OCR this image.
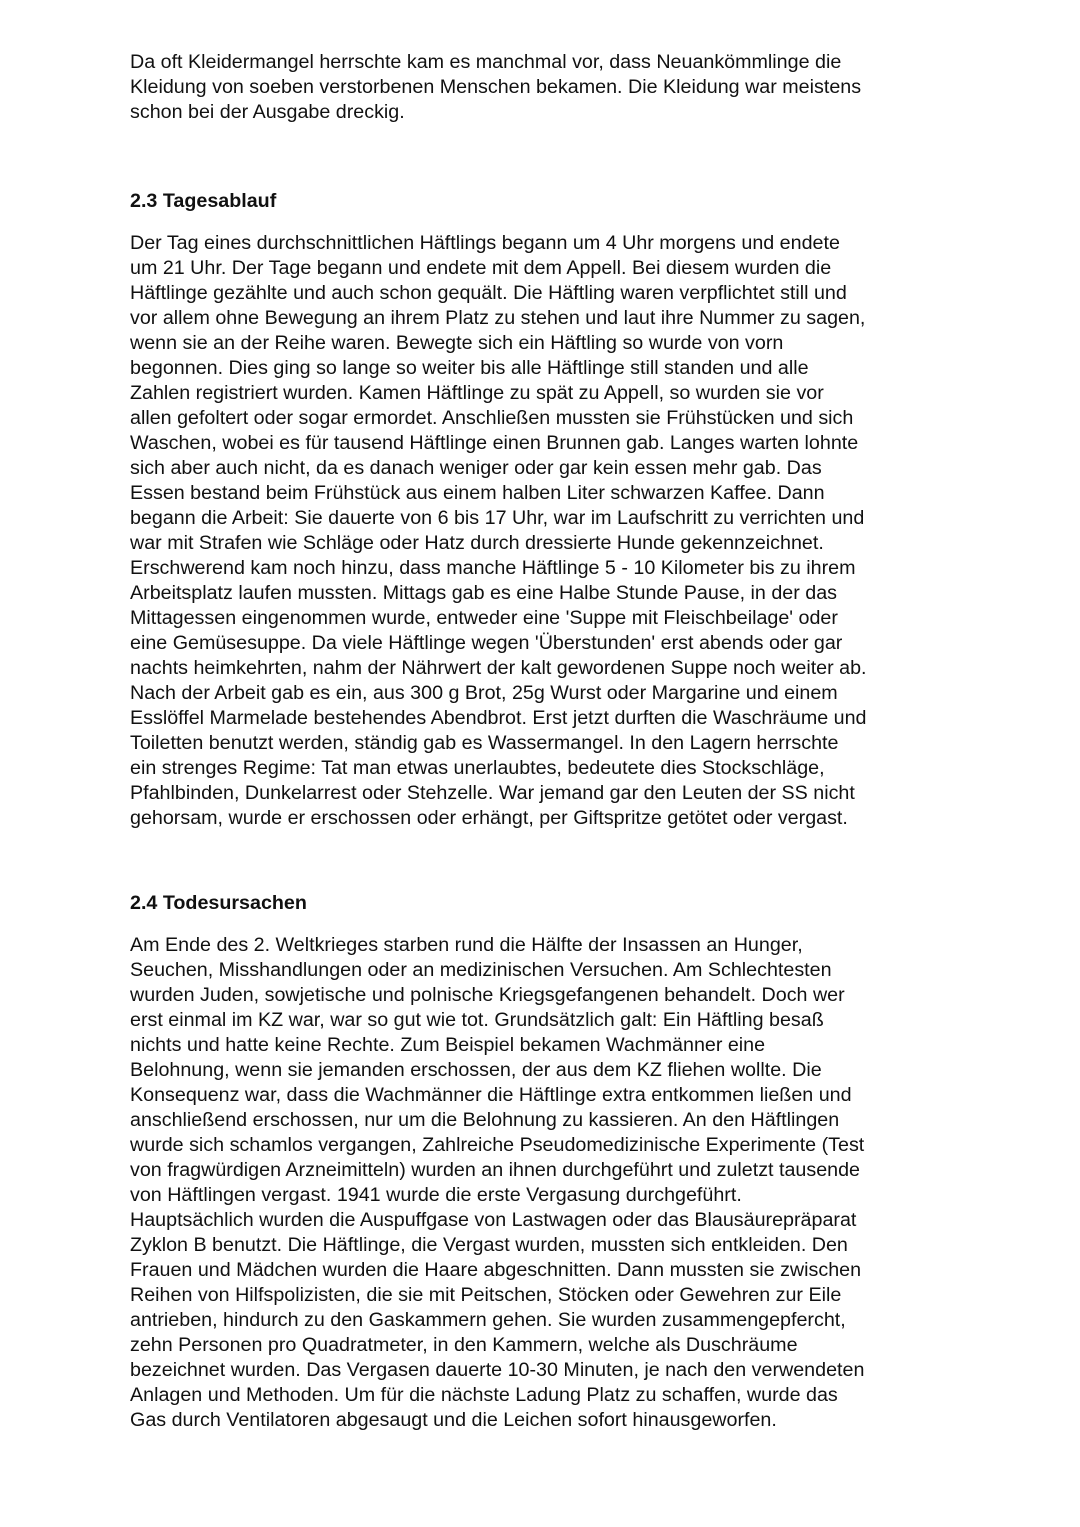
Da oft Kleidermangel herrschte kam es manchmal vor, dass Neuankömmlinge die
Kleidung von soeben verstorbenen Menschen bekamen. Die Kleidung war meistens
schon bei der Ausgabe dreckig.

2.3 Tagesablauf

Der Tag eines durchschnittlichen Häftlings begann um 4 Uhr morgens und endete
um 21 Uhr. Der Tage begann und endete mit dem Appell. Bei diesem wurden die
Häftlinge gezählte und auch schon gequält. Die Häftling waren verpflichtet still und
vor allem ohne Bewegung an ihrem Platz zu stehen und laut ihre Nummer zu sagen,
wenn sie an der Reihe waren. Bewegte sich ein Häftling so wurde von vorn
begonnen. Dies ging so lange so weiter bis alle Häftlinge still standen und alle
Zahlen registriert wurden. Kamen Häftlinge zu spät zu Appell, so wurden sie vor
allen gefoltert oder sogar ermordet. Anschließen mussten sie Frühstücken und sich
Waschen, wobei es für tausend Häftlinge einen Brunnen gab. Langes warten lohnte
sich aber auch nicht, da es danach weniger oder gar kein essen mehr gab. Das
Essen bestand beim Frühstück aus einem halben Liter schwarzen Kaffee. Dann
begann die Arbeit: Sie dauerte von 6 bis 17 Uhr, war im Laufschritt zu verrichten und
war mit Strafen wie Schläge oder Hatz durch dressierte Hunde gekennzeichnet.
Erschwerend kam noch hinzu, dass manche Häftlinge 5 - 10 Kilometer bis zu ihrem
Arbeitsplatz laufen mussten. Mittags gab es eine Halbe Stunde Pause, in der das
Mittagessen eingenommen wurde, entweder eine 'Suppe mit Fleischbeilage' oder
eine Gemüsesuppe. Da viele Häftlinge wegen 'Überstunden' erst abends oder gar
nachts heimkehrten, nahm der Nährwert der kalt gewordenen Suppe noch weiter ab.
Nach der Arbeit gab es ein, aus 300 g Brot, 25g Wurst oder Margarine und einem
Esslöffel Marmelade bestehendes Abendbrot. Erst jetzt durften die Waschräume und
Toiletten benutzt werden, ständig gab es Wassermangel. In den Lagern herrschte
ein strenges Regime: Tat man etwas unerlaubtes, bedeutete dies Stockschläge,
Pfahlbinden, Dunkelarrest oder Stehzelle. War jemand gar den Leuten der SS nicht
gehorsam, wurde er erschossen oder erhängt, per Giftspritze getötet oder vergast.

2.4 Todesursachen

Am Ende des 2. Weltkrieges starben rund die Hälfte der Insassen an Hunger,
Seuchen, Misshandlungen oder an medizinischen Versuchen. Am Schlechtesten
wurden Juden, sowjetische und polnische Kriegsgefangenen behandelt. Doch wer
erst einmal im KZ war, war so gut wie tot. Grundsätzlich galt: Ein Häftling besaß
nichts und hatte keine Rechte. Zum Beispiel bekamen Wachmänner eine
Belohnung, wenn sie jemanden erschossen, der aus dem KZ fliehen wollte. Die
Konsequenz war, dass die Wachmänner die Häftlinge extra entkommen ließen und
anschließend erschossen, nur um die Belohnung zu kassieren. An den Häftlingen
wurde sich schamlos vergangen, Zahlreiche Pseudomedizinische Experimente (Test
von fragwürdigen Arzneimitteln) wurden an ihnen durchgeführt und zuletzt tausende
von Häftlingen vergast. 1941 wurde die erste Vergasung durchgeführt.
Hauptsächlich wurden die Auspuffgase von Lastwagen oder das Blausäurepräparat
Zyklon B benutzt. Die Häftlinge, die Vergast wurden, mussten sich entkleiden. Den
Frauen und Mädchen wurden die Haare abgeschnitten. Dann mussten sie zwischen
Reihen von Hilfspolizisten, die sie mit Peitschen, Stöcken oder Gewehren zur Eile
antrieben, hindurch zu den Gaskammern gehen. Sie wurden zusammengepfercht,
zehn Personen pro Quadratmeter, in den Kammern, welche als Duschräume
bezeichnet wurden. Das Vergasen dauerte 10-30 Minuten, je nach den verwendeten
Anlagen und Methoden. Um für die nächste Ladung Platz zu schaffen, wurde das
Gas durch Ventilatoren abgesaugt und die Leichen sofort hinausgeworfen.
